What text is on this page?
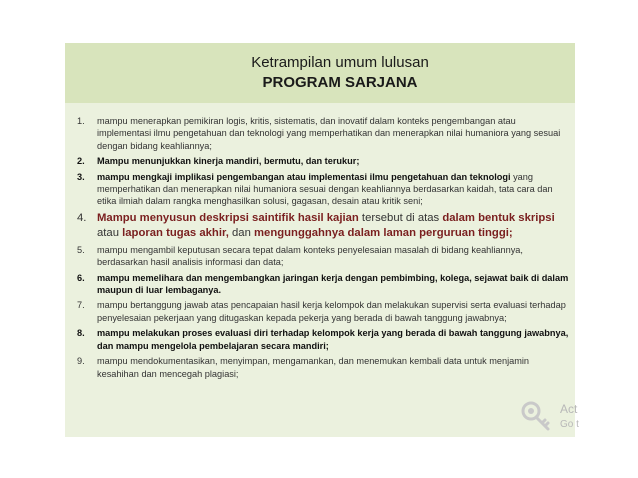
Ketrampilan umum lulusan
PROGRAM SARJANA
1. mampu menerapkan pemikiran logis, kritis, sistematis, dan inovatif dalam konteks pengembangan atau implementasi ilmu pengetahuan dan teknologi yang memperhatikan dan menerapkan nilai humaniora yang sesuai dengan bidang keahliannya;
2. Mampu menunjukkan kinerja mandiri, bermutu, dan terukur;
3. mampu mengkaji implikasi pengembangan atau implementasi ilmu pengetahuan dan teknologi yang memperhatikan dan menerapkan nilai humaniora sesuai dengan keahliannya berdasarkan kaidah, tata cara dan etika ilmiah dalam rangka menghasilkan solusi, gagasan, desain atau kritik seni;
4. Mampu menyusun deskripsi saintifik hasil kajian tersebut di atas dalam bentuk skripsi atau laporan tugas akhir, dan mengunggahnya dalam laman perguruan tinggi;
5. mampu mengambil keputusan secara tepat dalam konteks penyelesaian masalah di bidang keahliannya, berdasarkan hasil analisis informasi dan data;
6. mampu memelihara dan mengembangkan jaringan kerja dengan pembimbing, kolega, sejawat baik di dalam maupun di luar lembaganya.
7. mampu bertanggung jawab atas pencapaian hasil kerja kelompok dan melakukan supervisi serta evaluasi terhadap penyelesaian pekerjaan yang ditugaskan kepada pekerja yang berada di bawah tanggung jawabnya;
8. mampu melakukan proses evaluasi diri terhadap kelompok kerja yang berada di bawah tanggung jawabnya, dan mampu mengelola pembelajaran secara mandiri;
9. mampu mendokumentasikan, menyimpan, mengamankan, dan menemukan kembali data untuk menjamin kesahihan dan mencegah plagiasi;
Act
Go t
